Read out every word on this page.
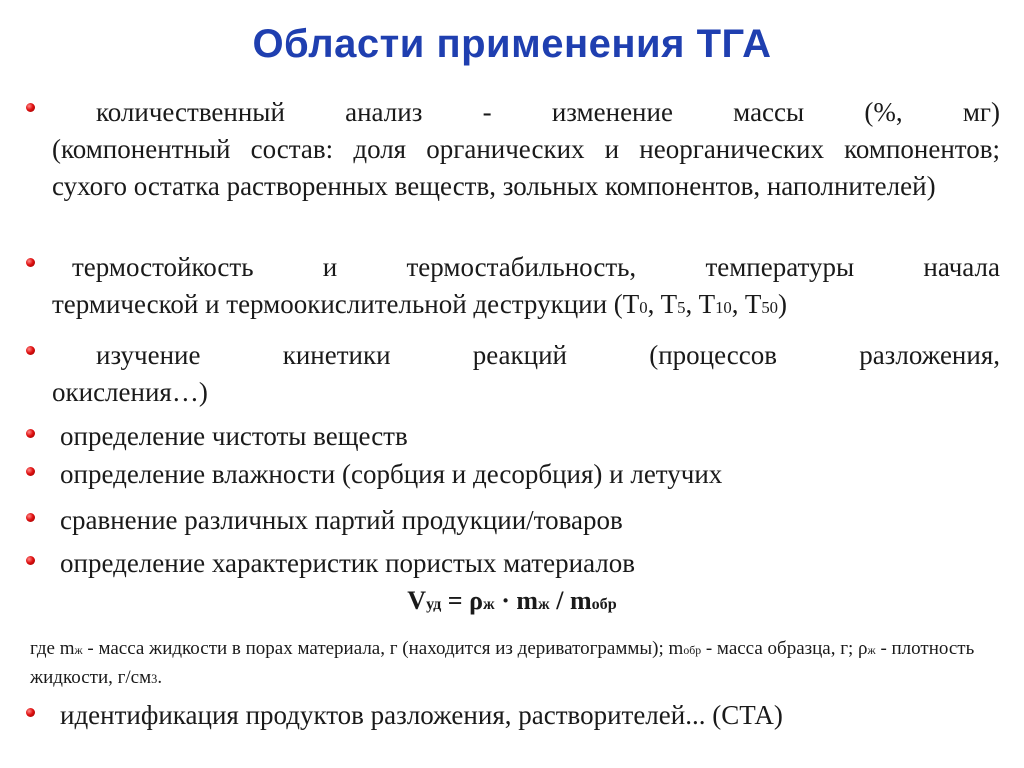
Области применения ТГА
количественный анализ - изменение массы (%, мг)
(компонентный состав: доля органических и неорганических компонентов; сухого остатка растворенных веществ, зольных компонентов, наполнителей)
термостойкость и термостабильность, температуры начала
термической и термоокислительной деструкции ($T_0$, $T_5$, $T_{10}$, $T_{50}$)
изучение кинетики реакций (процессов разложения,
окисления…)
определение чистоты веществ
определение влажности (сорбция и десорбция) и летучих
сравнение различных партий продукции/товаров
определение характеристик пористых материалов
$V_{уд} = \rho_ж \cdot m_ж / m_{обр}$
где $m_ж$ - масса жидкости в порах материала, г (находится из дериватограммы); $m_{обр}$ - масса образца, г; $\rho_ж$ - плотность жидкости, $г/см^3$.
идентификация продуктов разложения, растворителей... (СТА)
